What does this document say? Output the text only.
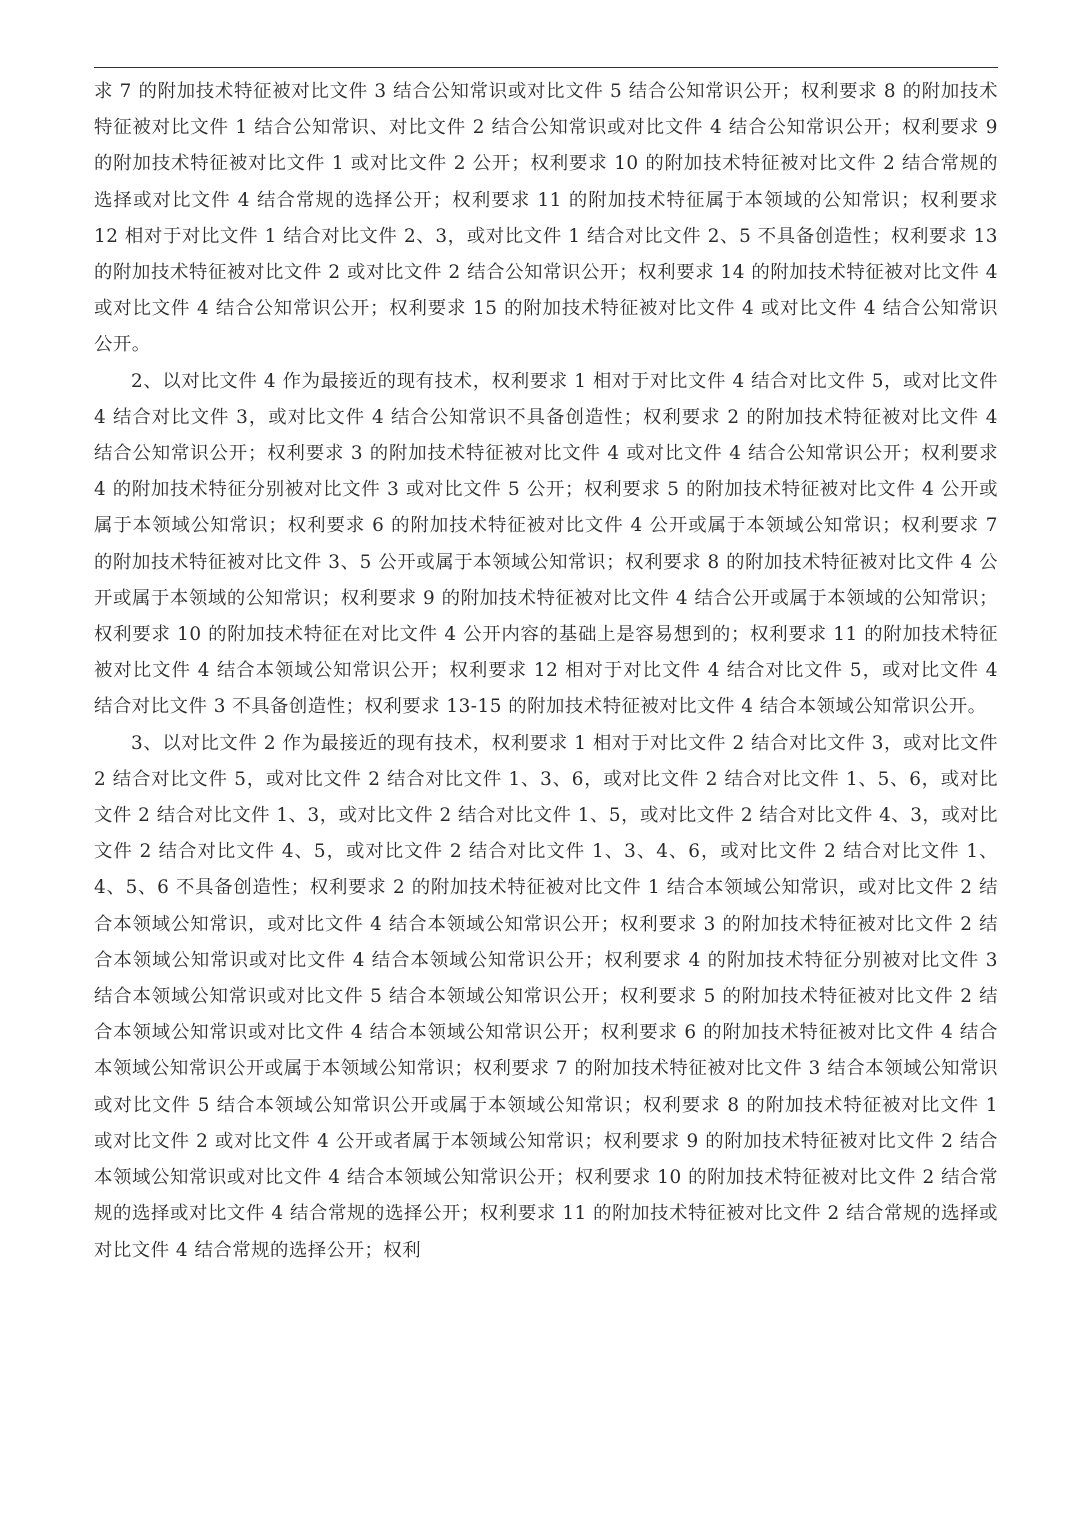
求 7 的附加技术特征被对比文件 3 结合公知常识或对比文件 5 结合公知常识公开；权利要求 8 的附加技术特征被对比文件 1 结合公知常识、对比文件 2 结合公知常识或对比文件 4 结合公知常识公开；权利要求 9 的附加技术特征被对比文件 1 或对比文件 2 公开；权利要求 10 的附加技术特征被对比文件 2 结合常规的选择或对比文件 4 结合常规的选择公开；权利要求 11 的附加技术特征属于本领域的公知常识；权利要求 12 相对于对比文件 1 结合对比文件 2、3，或对比文件 1 结合对比文件 2、5 不具备创造性；权利要求 13 的附加技术特征被对比文件 2 或对比文件 2 结合公知常识公开；权利要求 14 的附加技术特征被对比文件 4 或对比文件 4 结合公知常识公开；权利要求 15 的附加技术特征被对比文件 4 或对比文件 4 结合公知常识公开。

2、以对比文件 4 作为最接近的现有技术，权利要求 1 相对于对比文件 4 结合对比文件 5，或对比文件 4 结合对比文件 3，或对比文件 4 结合公知常识不具备创造性；权利要求 2 的附加技术特征被对比文件 4 结合公知常识公开；权利要求 3 的附加技术特征被对比文件 4 或对比文件 4 结合公知常识公开；权利要求 4 的附加技术特征分别被对比文件 3 或对比文件 5 公开；权利要求 5 的附加技术特征被对比文件 4 公开或属于本领域公知常识；权利要求 6 的附加技术特征被对比文件 4 公开或属于本领域公知常识；权利要求 7 的附加技术特征被对比文件 3、5 公开或属于本领域公知常识；权利要求 8 的附加技术特征被对比文件 4 公开或属于本领域的公知常识；权利要求 9 的附加技术特征被对比文件 4 结合公开或属于本领域的公知常识；权利要求 10 的附加技术特征在对比文件 4 公开内容的基础上是容易想到的；权利要求 11 的附加技术特征被对比文件 4 结合本领域公知常识公开；权利要求 12 相对于对比文件 4 结合对比文件 5，或对比文件 4 结合对比文件 3 不具备创造性；权利要求 13-15 的附加技术特征被对比文件 4 结合本领域公知常识公开。

3、以对比文件 2 作为最接近的现有技术，权利要求 1 相对于对比文件 2 结合对比文件 3，或对比文件 2 结合对比文件 5，或对比文件 2 结合对比文件 1、3、6，或对比文件 2 结合对比文件 1、5、6，或对比文件 2 结合对比文件 1、3，或对比文件 2 结合对比文件 1、5，或对比文件 2 结合对比文件 4、3，或对比文件 2 结合对比文件 4、5，或对比文件 2 结合对比文件 1、3、4、6，或对比文件 2 结合对比文件 1、4、5、6 不具备创造性；权利要求 2 的附加技术特征被对比文件 1 结合本领域公知常识，或对比文件 2 结合本领域公知常识，或对比文件 4 结合本领域公知常识公开；权利要求 3 的附加技术特征被对比文件 2 结合本领域公知常识或对比文件 4 结合本领域公知常识公开；权利要求 4 的附加技术特征分别被对比文件 3 结合本领域公知常识或对比文件 5 结合本领域公知常识公开；权利要求 5 的附加技术特征被对比文件 2 结合本领域公知常识或对比文件 4 结合本领域公知常识公开；权利要求 6 的附加技术特征被对比文件 4 结合本领域公知常识公开或属于本领域公知常识；权利要求 7 的附加技术特征被对比文件 3 结合本领域公知常识或对比文件 5 结合本领域公知常识公开或属于本领域公知常识；权利要求 8 的附加技术特征被对比文件 1 或对比文件 2 或对比文件 4 公开或者属于本领域公知常识；权利要求 9 的附加技术特征被对比文件 2 结合本领域公知常识或对比文件 4 结合本领域公知常识公开；权利要求 10 的附加技术特征被对比文件 2 结合常规的选择或对比文件 4 结合常规的选择公开；权利要求 11 的附加技术特征被对比文件 2 结合常规的选择或对比文件 4 结合常规的选择公开；权利
